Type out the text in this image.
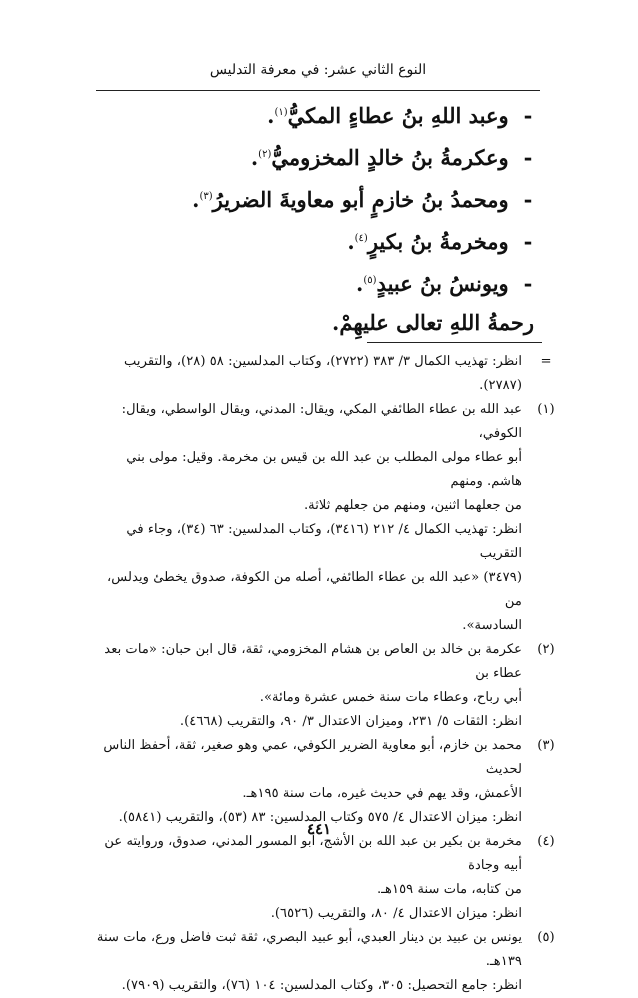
النوع الثاني عشر: في معرفة التدليس
- وعبد اللهِ بنُ عطاءٍ المكيُّ$^{(١)}$.
- وعكرمةُ بنُ خالدٍ المخزوميُّ$^{(٢)}$.
- ومحمدُ بنُ خازمٍ أبو معاويةَ الضريرُ$^{(٣)}$.
- ومخرمةُ بنُ بكيرٍ$^{(٤)}$.
- ويونسُ بنُ عبيدٍ$^{(٥)}$.
رحمةُ اللهِ تعالى عليهِمْ.
=

انظر: تهذيب الكمال ٣/ ٣٨٣ (٢٧٢٢)، وكتاب المدلسين: ٥٨ (٢٨)، والتقريب (٢٧٨٧).

(١)

عبد الله بن عطاء الطائفي المكي، ويقال: المدني، ويقال الواسطي، ويقال: الكوفي،

أبو عطاء مولى المطلب بن عبد الله بن قيس بن مخرمة. وقيل: مولى بني هاشم. ومنهم

من جعلهما اثنين، ومنهم من جعلهم ثلاثة.

انظر: تهذيب الكمال ٤/ ٢١٢ (٣٤١٦)، وكتاب المدلسين: ٦٣ (٣٤)، وجاء في التقريب

(٣٤٧٩) «عبد الله بن عطاء الطائفي، أصله من الكوفة، صدوق يخطئ ويدلس، من

السادسة».

(٢)

عكرمة بن خالد بن العاص بن هشام المخزومي، ثقة، قال ابن حبان: «مات بعد عطاء بن

أبي رباح، وعطاء مات سنة خمس عشرة ومائة».

انظر: الثقات ٥/ ٢٣١، وميزان الاعتدال ٣/ ٩٠، والتقريب (٤٦٦٨).

(٣)

محمد بن خازم، أبو معاوية الضرير الكوفي، عمي وهو صغير، ثقة، أحفظ الناس لحديث

الأعمش، وقد يهم في حديث غيره، مات سنة ١٩٥هـ.

انظر: ميزان الاعتدال ٤/ ٥٧٥ وكتاب المدلسين: ٨٣ (٥٣)، والتقريب (٥٨٤١).

(٤)

مخرمة بن بكير بن عبد الله بن الأشج، أبو المسور المدني، صدوق، وروايته عن أبيه وجادة

من كتابه، مات سنة ١٥٩هـ.

انظر: ميزان الاعتدال ٤/ ٨٠، والتقريب (٦٥٢٦).

(٥)

يونس بن عبيد بن دينار العبدي، أبو عبيد البصري، ثقة ثبت فاضل ورع، مات سنة ١٣٩هـ.

انظر: جامع التحصيل: ٣٠٥، وكتاب المدلسين: ١٠٤ (٧٦)، والتقريب (٧٩٠٩).

٤٤١
